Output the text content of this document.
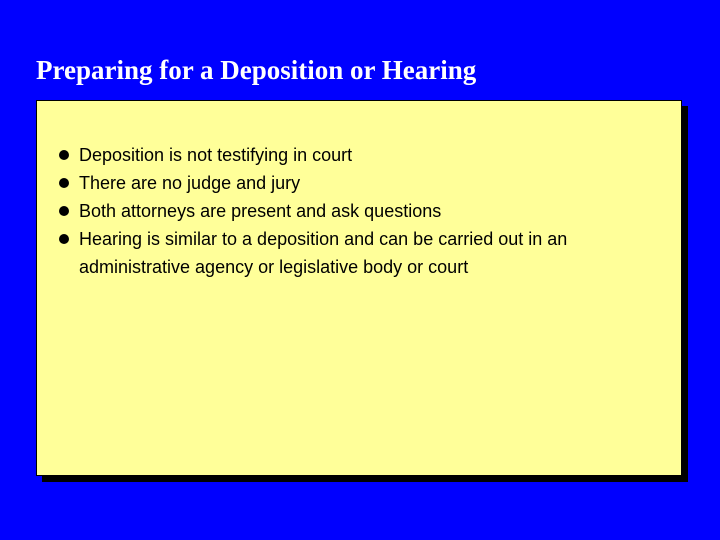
Preparing for a Deposition or Hearing
Deposition is not testifying in court
There are no judge and jury
Both attorneys are present and ask questions
Hearing is similar to a deposition and can be carried out in an administrative agency or legislative body or court
